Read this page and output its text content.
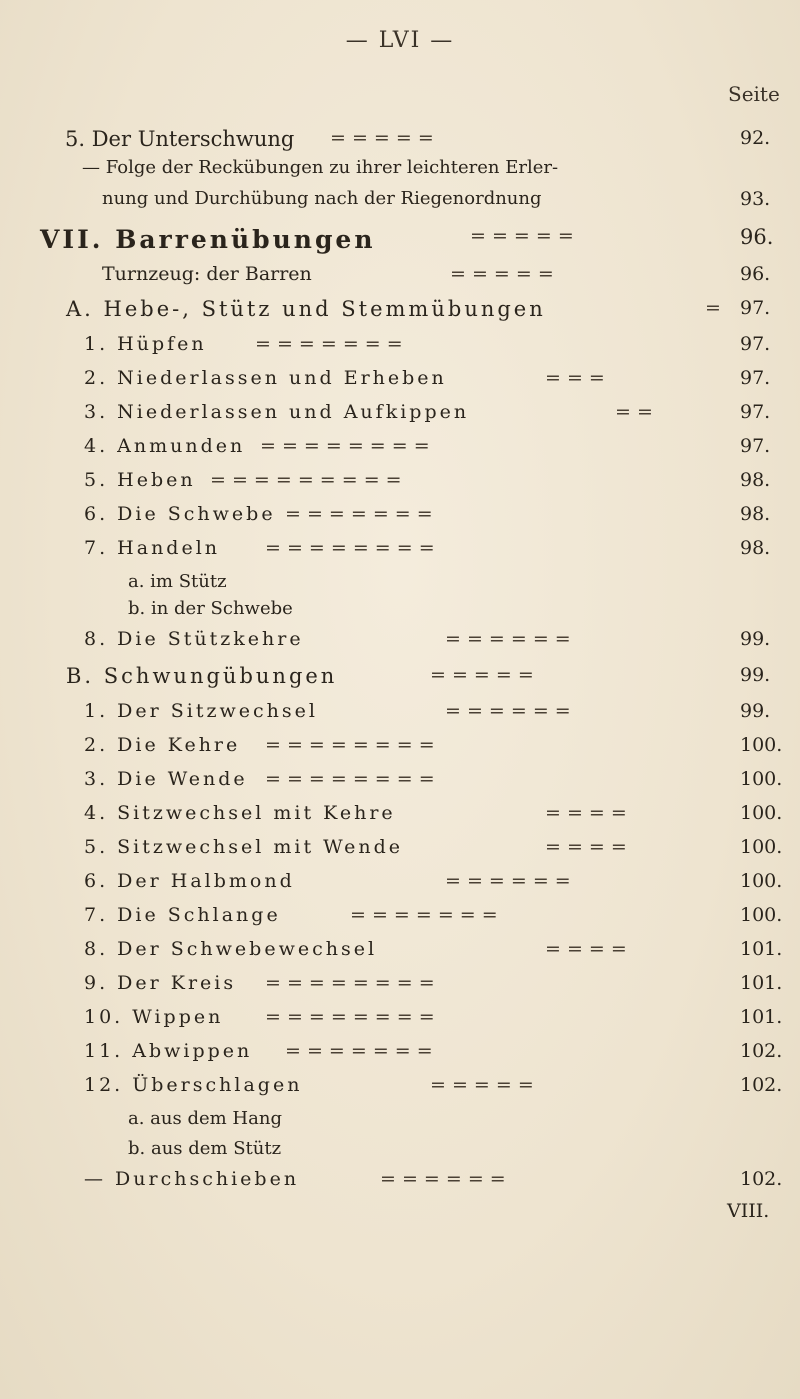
— LVI —
Seite
5. Der Unterschwung = = = = =	92.
— Folge der Reckübungen zu ihrer leichteren Erler-
nung und Durchübung nach der Riegenordnung	93.
VII. Barrenübungen	= = = = =	96.
Turnzeug: der Barren	= = = = =	96.
A. Hebe-, Stütz und Stemmübungen	= 97.
1. Hüpfen	= = = = = = =	97.
2. Niederlassen und Erheben	= = =	97.
3. Niederlassen und Aufkippen	= =	97.
4. Anmunden = = = = = = = =	97.
5. Heben = = = = = = = = =	98.
6. Die Schwebe = = = = = = =	98.
7. Handeln = = = = = = = =	98.
a. im Stütz
b. in der Schwebe
8. Die Stützkehre	= = = = = =	99.
B. Schwungübungen	= = = = =	99.
1. Der Sitzwechsel	= = = = = =	99.
2. Die Kehre = = = = = = = =	100.
3. Die Wende = = = = = = = =	100.
4. Sitzwechsel mit Kehre	= = = =	100.
5. Sitzwechsel mit Wende	= = = =	100.
6. Der Halbmond	= = = = = =	100.
7. Die Schlange	= = = = = = =	100.
8. Der Schwebewechsel	= = = =	101.
9. Der Kreis = = = = = = = =	101.
10. Wippen = = = = = = = =	101.
11. Abwippen = = = = = = =	102.
12. Überschlagen	= = = = =	102.
a. aus dem Hang
b. aus dem Stütz
— Durchschieben	= = = = = =	102.
VIII.
